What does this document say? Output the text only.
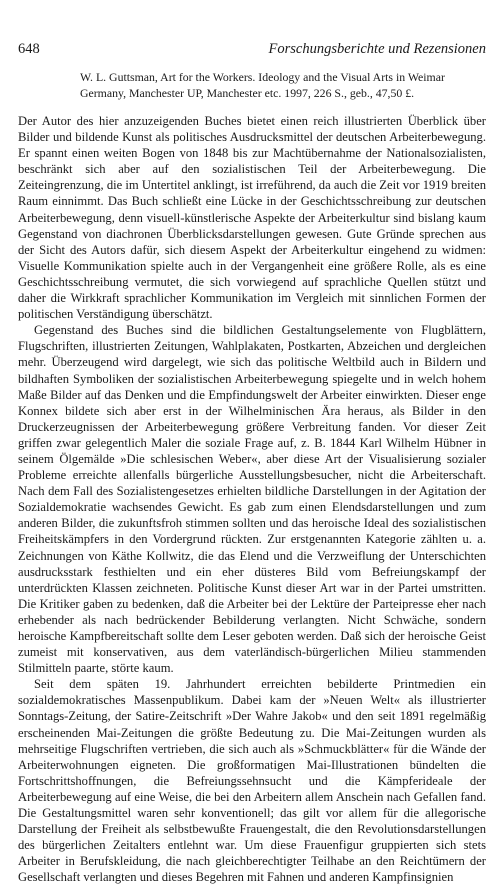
648	Forschungsberichte und Rezensionen

W. L. Guttsman, Art for the Workers. Ideology and the Visual Arts in Weimar Germany, Manchester UP, Manchester etc. 1997, 226 S., geb., 47,50 £.

Der Autor des hier anzuzeigenden Buches bietet einen reich illustrierten Überblick über Bilder und bildende Kunst als politisches Ausdrucksmittel der deutschen Arbeiterbewegung. Er spannt einen weiten Bogen von 1848 bis zur Machtübernahme der Nationalsozialisten, beschränkt sich aber auf den sozialistischen Teil der Arbeiterbewegung. Die Zeiteingrenzung, die im Untertitel anklingt, ist irreführend, da auch die Zeit vor 1919 breiten Raum einnimmt. Das Buch schließt eine Lücke in der Geschichtsschreibung zur deutschen Arbeiterbewegung, denn visuell-künstlerische Aspekte der Arbeiterkultur sind bislang kaum Gegenstand von diachronen Überblicksdarstellungen gewesen. Gute Gründe sprechen aus der Sicht des Autors dafür, sich diesem Aspekt der Arbeiterkultur eingehend zu widmen: Visuelle Kommunikation spielte auch in der Vergangenheit eine größere Rolle, als es eine Geschichtsschreibung vermutet, die sich vorwiegend auf sprachliche Quellen stützt und daher die Wirkkraft sprachlicher Kommunikation im Vergleich mit sinnlichen Formen der politischen Verständigung überschätzt.

Gegenstand des Buches sind die bildlichen Gestaltungselemente von Flugblättern, Flugschriften, illustrierten Zeitungen, Wahlplakaten, Postkarten, Abzeichen und dergleichen mehr. Überzeugend wird dargelegt, wie sich das politische Weltbild auch in Bildern und bildhaften Symboliken der sozialistischen Arbeiterbewegung spiegelte und in welch hohem Maße Bilder auf das Denken und die Empfindungswelt der Arbeiter einwirkten. Dieser enge Konnex bildete sich aber erst in der Wilhelminischen Ära heraus, als Bilder in den Druckerzeugnissen der Arbeiterbewegung größere Verbreitung fanden. Vor dieser Zeit griffen zwar gelegentlich Maler die soziale Frage auf, z. B. 1844 Karl Wilhelm Hübner in seinem Ölgemälde »Die schlesischen Weber«, aber diese Art der Visualisierung sozialer Probleme erreichte allenfalls bürgerliche Ausstellungsbesucher, nicht die Arbeiterschaft. Nach dem Fall des Sozialistengesetzes erhielten bildliche Darstellungen in der Agitation der Sozialdemokratie wachsendes Gewicht. Es gab zum einen Elendsdarstellungen und zum anderen Bilder, die zukunftsfroh stimmen sollten und das heroische Ideal des sozialistischen Freiheitskämpfers in den Vordergrund rückten. Zur erstgenannten Kategorie zählten u. a. Zeichnungen von Käthe Kollwitz, die das Elend und die Verzweiflung der Unterschichten ausdrucksstark festhielten und ein eher düsteres Bild vom Befreiungskampf der unterdrückten Klassen zeichneten. Politische Kunst dieser Art war in der Partei umstritten. Die Kritiker gaben zu bedenken, daß die Arbeiter bei der Lektüre der Parteipresse eher nach erhebender als nach bedrückender Bebilderung verlangten. Nicht Schwäche, sondern heroische Kampfbereitschaft sollte dem Leser geboten werden. Daß sich der heroische Geist zumeist mit konservativen, aus dem vaterländisch-bürgerlichen Milieu stammenden Stilmitteln paarte, störte kaum.

Seit dem späten 19. Jahrhundert erreichten bebilderte Printmedien ein sozialdemokratisches Massenpublikum. Dabei kam der »Neuen Welt« als illustrierter Sonntags-Zeitung, der Satire-Zeitschrift »Der Wahre Jakob« und den seit 1891 regelmäßig erscheinenden Mai-Zeitungen die größte Bedeutung zu. Die Mai-Zeitungen wurden als mehrseitige Flugschriften vertrieben, die sich auch als »Schmuckblätter« für die Wände der Arbeiterwohnungen eigneten. Die großformatigen Mai-Illustrationen bündelten die Fortschrittshoffnungen, die Befreiungssehnsucht und die Kämpferideale der Arbeiterbewegung auf eine Weise, die bei den Arbeitern allem Anschein nach Gefallen fand. Die Gestaltungsmittel waren sehr konventionell; das gilt vor allem für die allegorische Darstellung der Freiheit als selbstbewußte Frauengestalt, die den Revolutionsdarstellungen des bürgerlichen Zeitalters entlehnt war. Um diese Frauenfigur gruppierten sich stets Arbeiter in Berufskleidung, die nach gleichberechtigter Teilhabe an den Reichtümern der Gesellschaft verlangten und dieses Begehren mit Fahnen und anderen Kampfinsignien
